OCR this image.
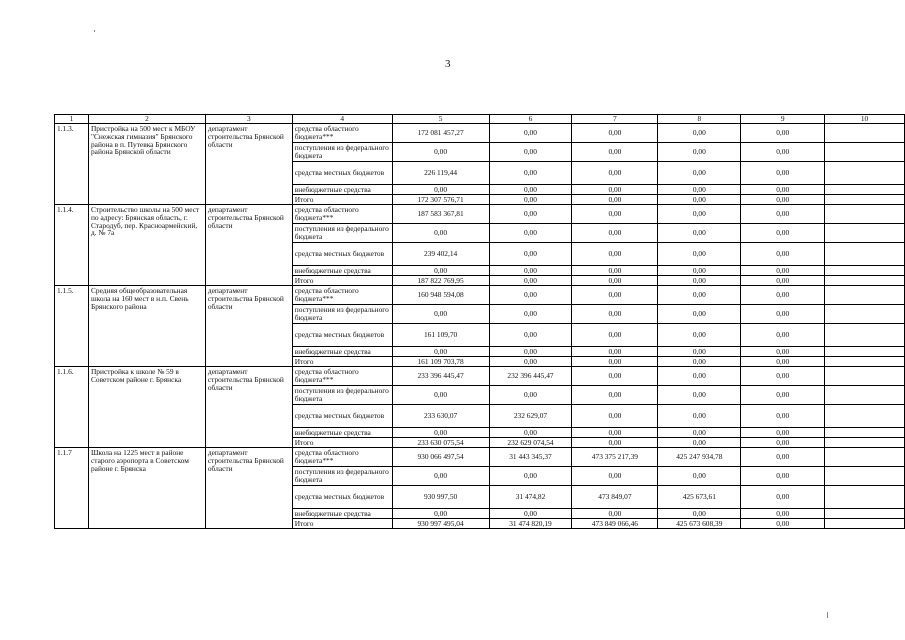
3
1	2	3	4	5	6	7	8	9	10
1.1.3.	Пристройка на 500 мест к МБОУ "Снежская гимназия" Брянского района в п. Путевка Брянского района Брянской области	департамент строительства Брянской области	средства областного бюджета***	172 081 457,27	0,00	0,00	0,00	0,00	
			поступления из федерального бюджета	0,00	0,00	0,00	0,00	0,00	
			средства местных бюджетов	226 119,44	0,00	0,00	0,00	0,00	
			внебюджетные средства	0,00	0,00	0,00	0,00	0,00	
			Итого	172 307 576,71	0,00	0,00	0,00	0,00	
1.1.4.	Строительство школы на 500 мест по адресу: Брянская область, г. Стародуб, пер. Красноармейский, д. № 7а	департамент строительства Брянской области	средства областного бюджета***	187 583 367,81	0,00	0,00	0,00	0,00	
			поступления из федерального бюджета	0,00	0,00	0,00	0,00	0,00	
			средства местных бюджетов	239 402,14	0,00	0,00	0,00	0,00	
			внебюджетные средства	0,00	0,00	0,00	0,00	0,00	
			Итого	187 822 769,95	0,00	0,00	0,00	0,00	
1.1.5.	Средняя общеобразовательная школа на 160 мест в н.п. Свень Брянского района	департамент строительства Брянской области	средства областного бюджета***	160 948 594,08	0,00	0,00	0,00	0,00	
			поступления из федерального бюджета	0,00	0,00	0,00	0,00	0,00	
			средства местных бюджетов	161 109,70	0,00	0,00	0,00	0,00	
			внебюджетные средства	0,00	0,00	0,00	0,00	0,00	
			Итого	161 109 703,78	0,00	0,00	0,00	0,00	
1.1.6.	Пристройка к школе № 59 в Советском районе г. Брянска	департамент строительства Брянской области	средства областного бюджета***	233 396 445,47	232 396 445,47	0,00	0,00	0,00	
			поступления из федерального бюджета	0,00	0,00	0,00	0,00	0,00	
			средства местных бюджетов	233 630,07	232 629,07	0,00	0,00	0,00	
			внебюджетные средства	0,00	0,00	0,00	0,00	0,00	
			Итого	233 630 075,54	232 629 074,54	0,00	0,00	0,00	
1.1.7	Школа на 1225 мест в районе старого аэропорта в Советском районе г. Брянска	департамент строительства Брянской области	средства областного бюджета***	930 066 497,54	31 443 345,37	473 375 217,39	425 247 934,78	0,00	
			поступления из федерального бюджета	0,00	0,00	0,00	0,00	0,00	
			средства местных бюджетов	930 997,50	31 474,82	473 849,07	425 673,61	0,00	
			внебюджетные средства	0,00	0,00	0,00	0,00	0,00	
			Итого	930 997 495,04	31 474 820,19	473 849 066,46	425 673 608,39	0,00	
